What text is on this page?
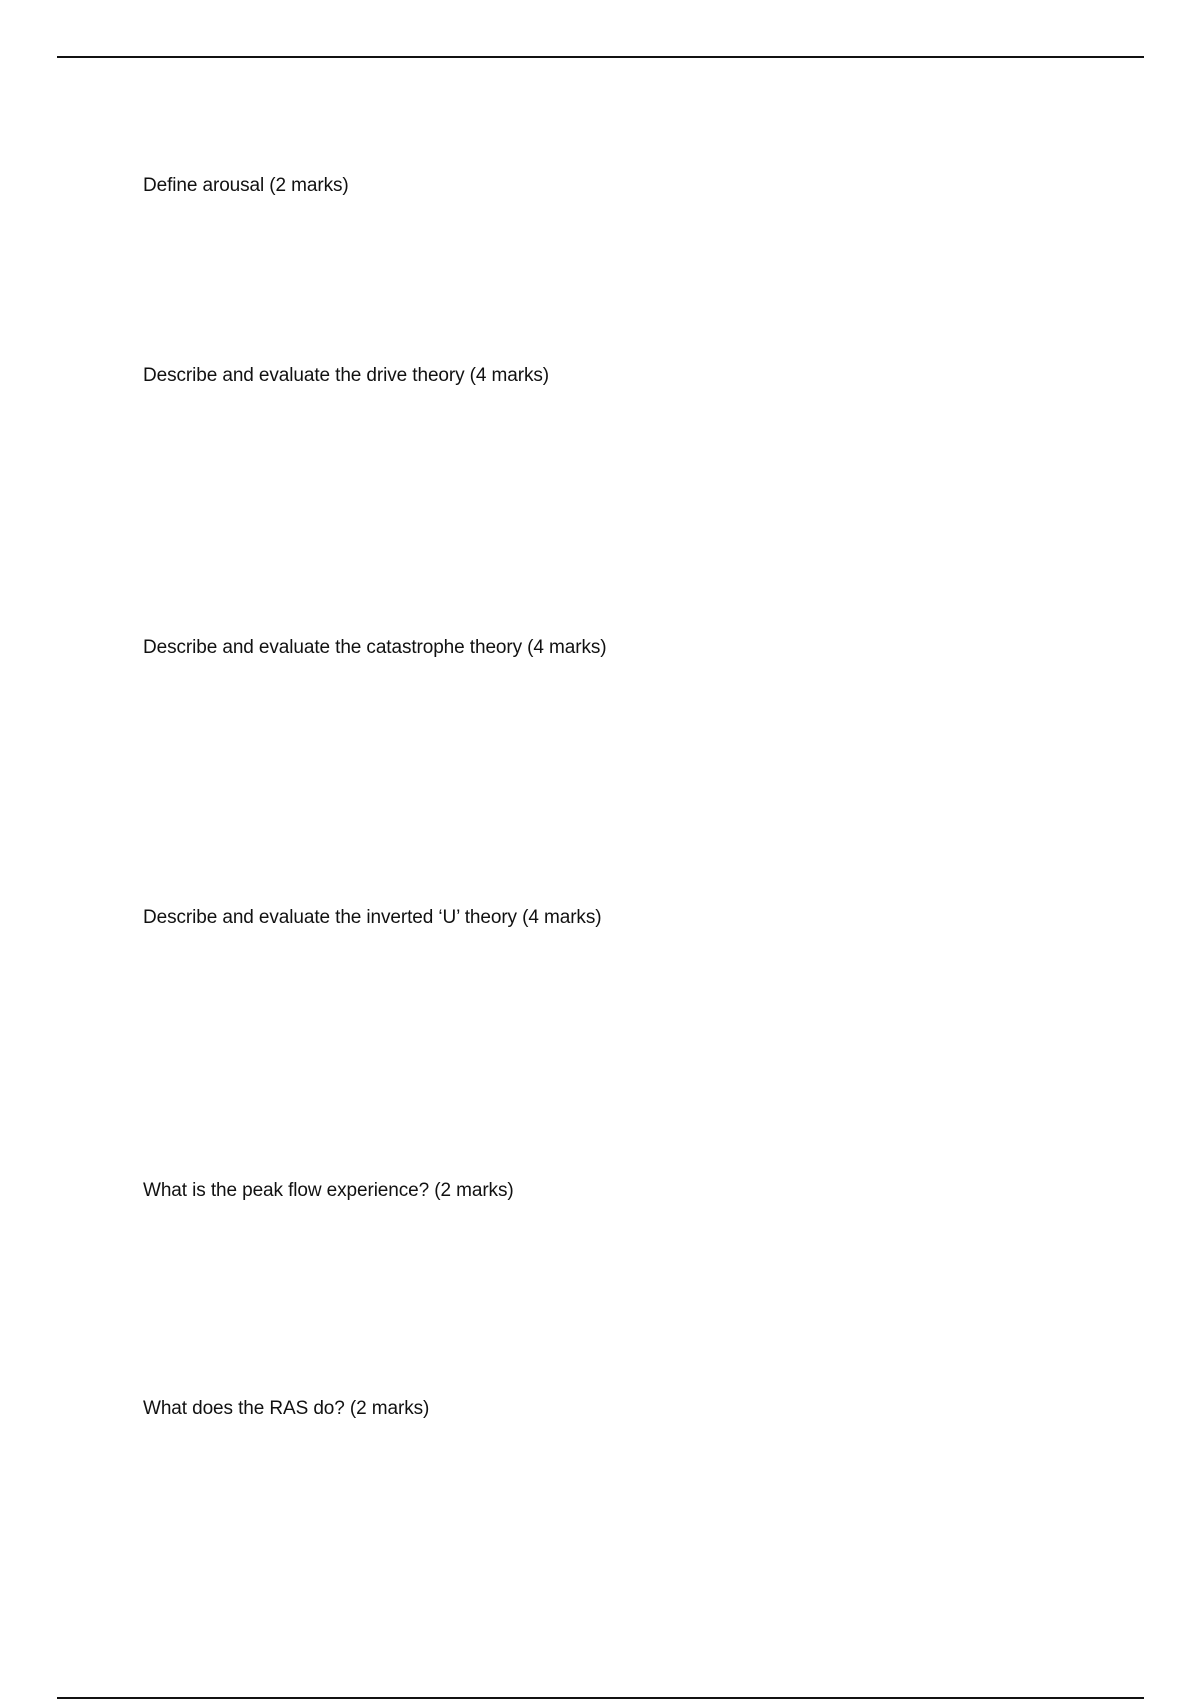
Define arousal (2 marks)

Describe and evaluate the drive theory (4 marks)

Describe and evaluate the catastrophe theory (4 marks)

Describe and evaluate the inverted ‘U’ theory (4 marks)

What is the peak flow experience? (2 marks)

What does the RAS do? (2 marks)
